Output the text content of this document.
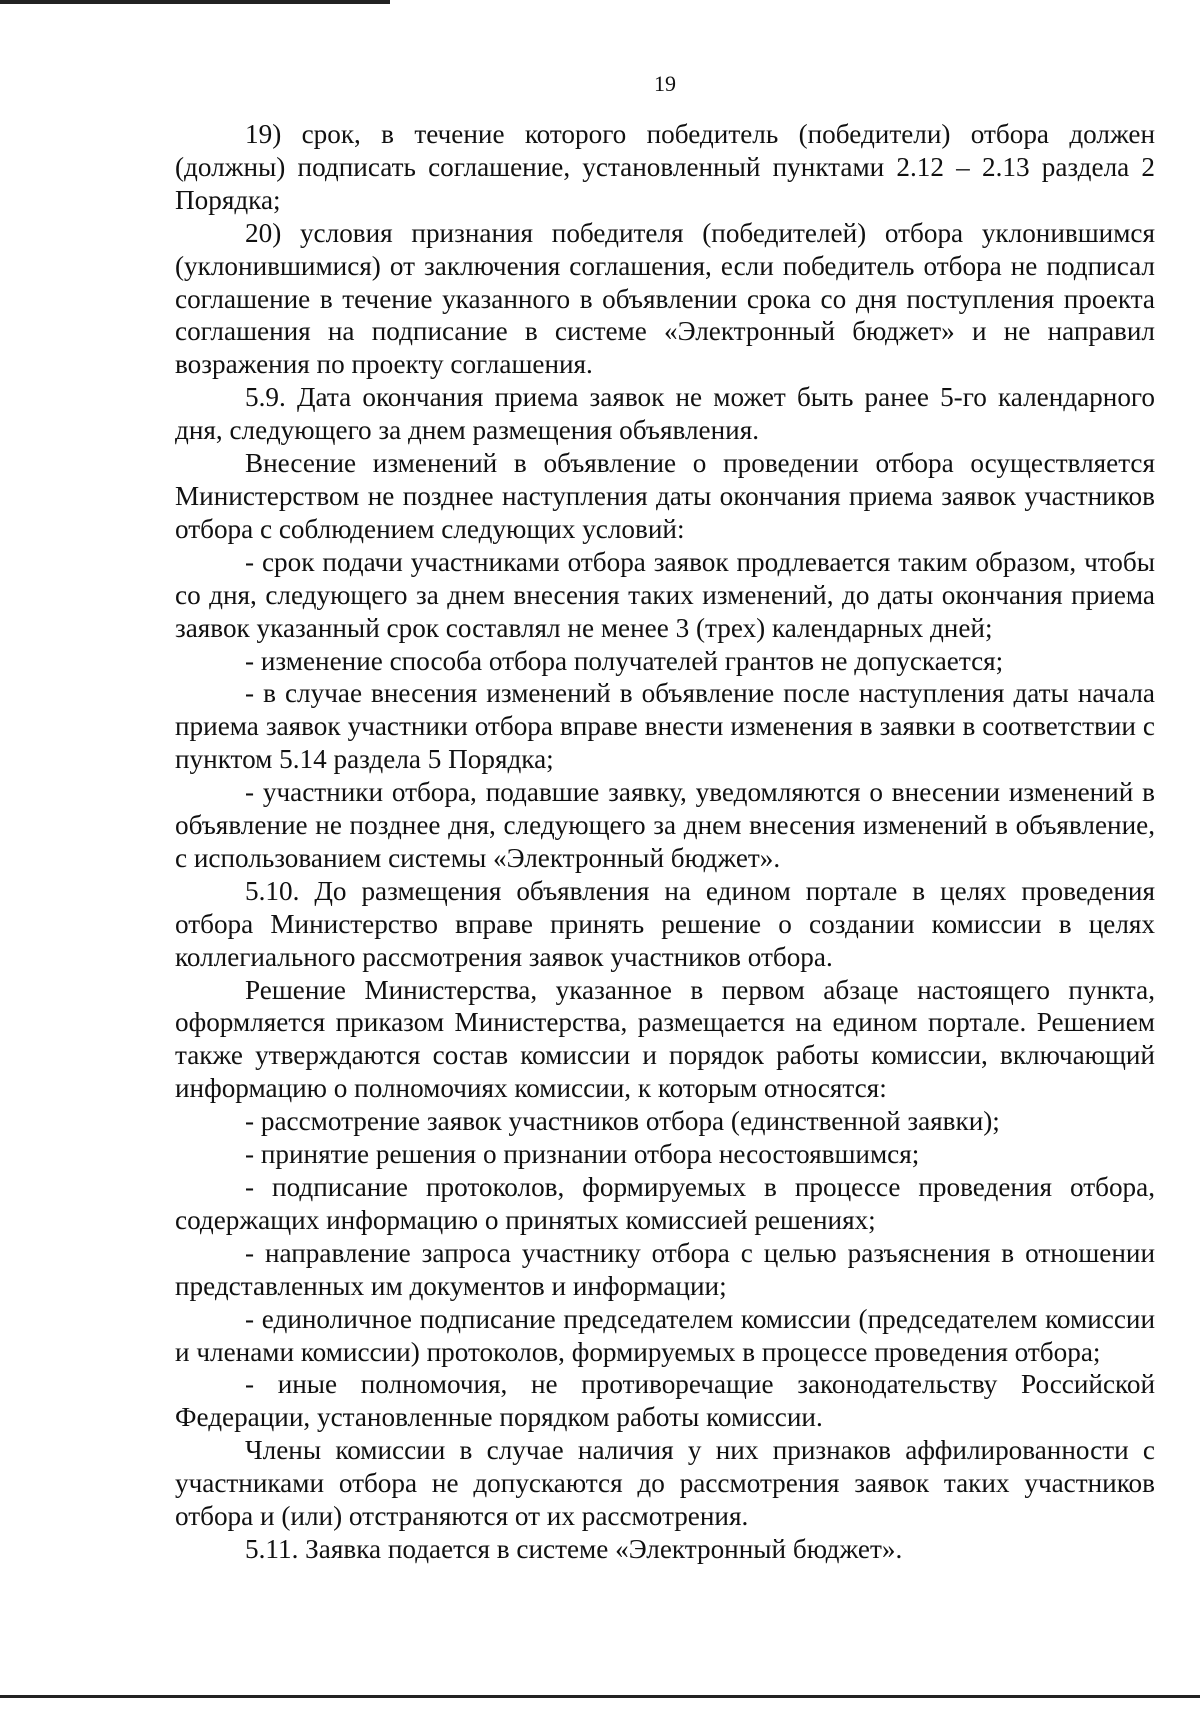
19

19) срок, в течение которого победитель (победители) отбора должен (должны) подписать соглашение, установленный пунктами 2.12 – 2.13 раздела 2 Порядка;

20) условия признания победителя (победителей) отбора уклонившимся (уклонившимися) от заключения соглашения, если победитель отбора не подписал соглашение в течение указанного в объявлении срока со дня поступления проекта соглашения на подписание в системе «Электронный бюджет» и не направил возражения по проекту соглашения.

5.9. Дата окончания приема заявок не может быть ранее 5-го календарного дня, следующего за днем размещения объявления.

Внесение изменений в объявление о проведении отбора осуществляется Министерством не позднее наступления даты окончания приема заявок участников отбора с соблюдением следующих условий:

- срок подачи участниками отбора заявок продлевается таким образом, чтобы со дня, следующего за днем внесения таких изменений, до даты окончания приема заявок указанный срок составлял не менее 3 (трех) календарных дней;

- изменение способа отбора получателей грантов не допускается;

- в случае внесения изменений в объявление после наступления даты начала приема заявок участники отбора вправе внести изменения в заявки в соответствии с пунктом 5.14 раздела 5 Порядка;

- участники отбора, подавшие заявку, уведомляются о внесении изменений в объявление не позднее дня, следующего за днем внесения изменений в объявление, с использованием системы «Электронный бюджет».

5.10. До размещения объявления на едином портале в целях проведения отбора Министерство вправе принять решение о создании комиссии в целях коллегиального рассмотрения заявок участников отбора.

Решение Министерства, указанное в первом абзаце настоящего пункта, оформляется приказом Министерства, размещается на едином портале. Решением также утверждаются состав комиссии и порядок работы комиссии, включающий информацию о полномочиях комиссии, к которым относятся:

- рассмотрение заявок участников отбора (единственной заявки);

- принятие решения о признании отбора несостоявшимся;

- подписание протоколов, формируемых в процессе проведения отбора, содержащих информацию о принятых комиссией решениях;

- направление запроса участнику отбора с целью разъяснения в отношении представленных им документов и информации;

- единоличное подписание председателем комиссии (председателем комиссии и членами комиссии) протоколов, формируемых в процессе проведения отбора;

- иные полномочия, не противоречащие законодательству Российской Федерации, установленные порядком работы комиссии.

Члены комиссии в случае наличия у них признаков аффилированности с участниками отбора не допускаются до рассмотрения заявок таких участников отбора и (или) отстраняются от их рассмотрения.

5.11. Заявка подается в системе «Электронный бюджет».
